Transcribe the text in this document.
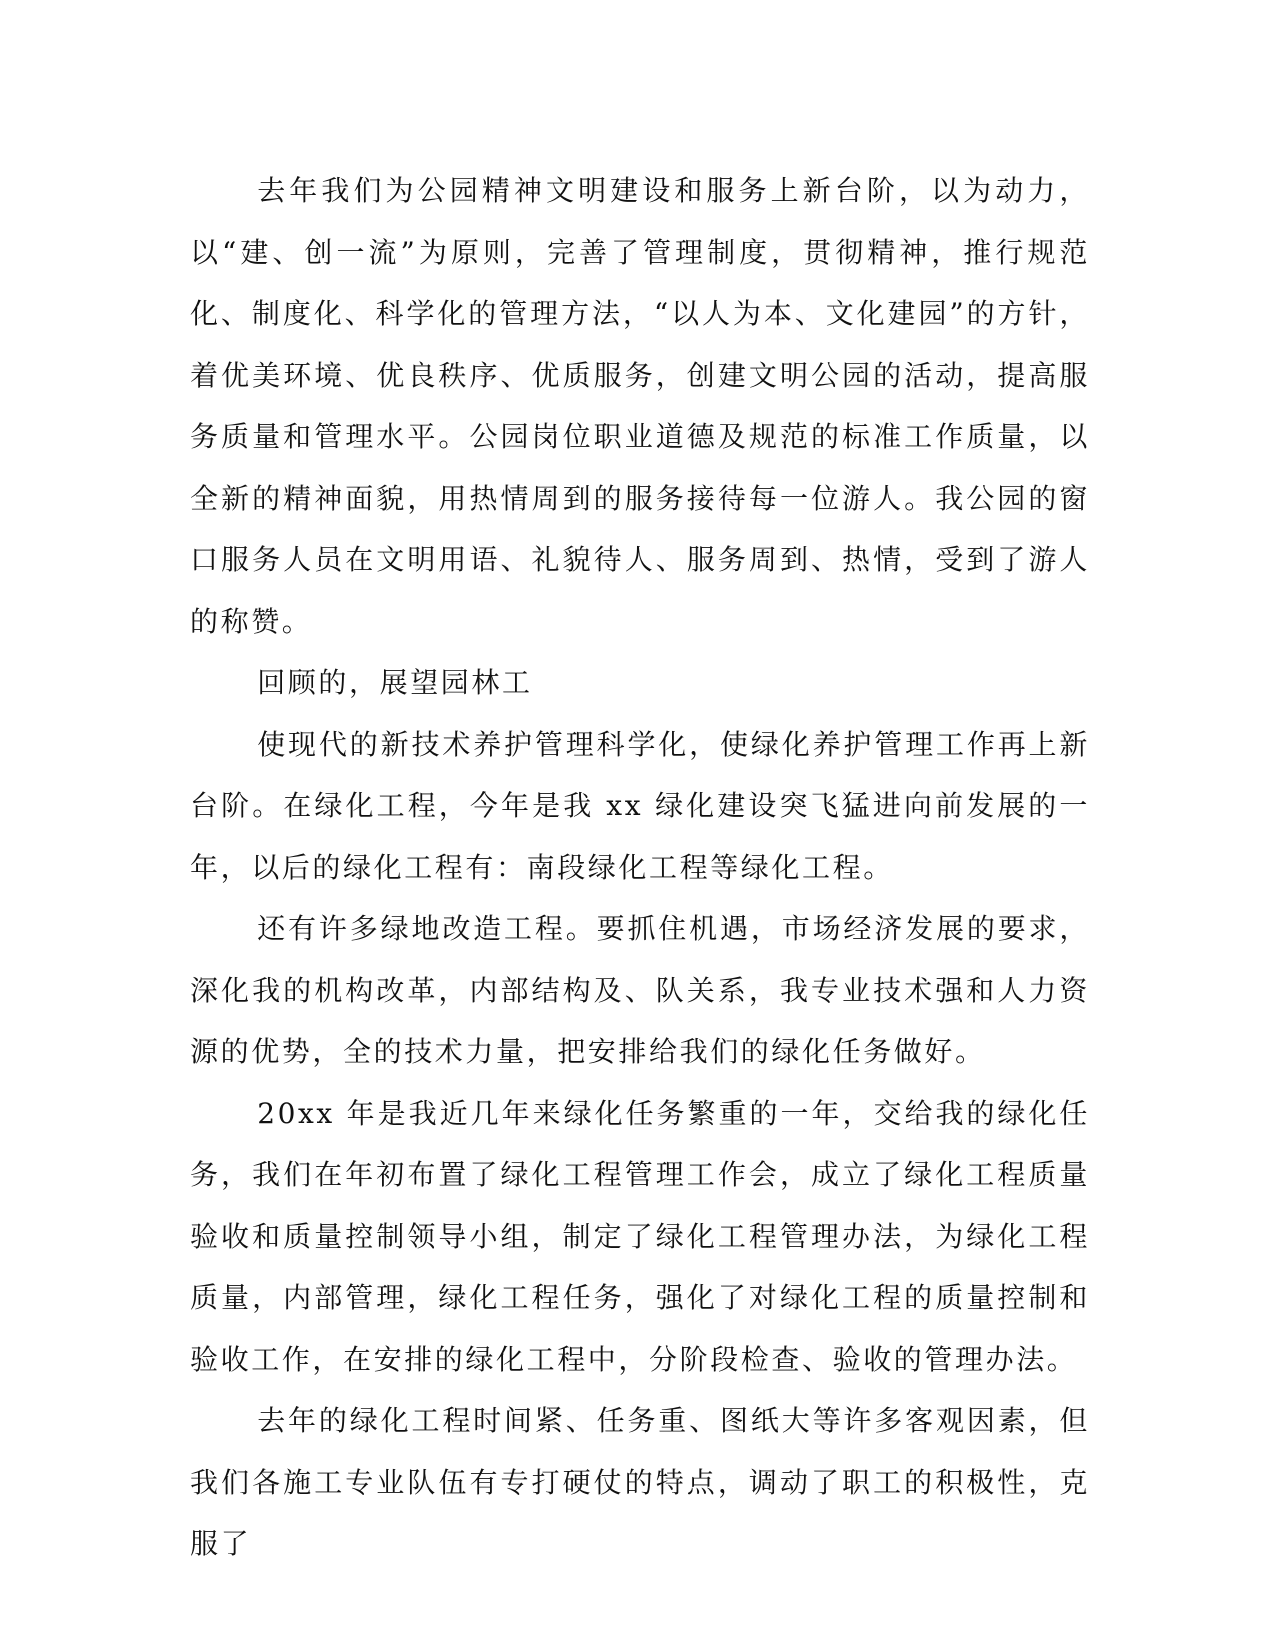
去年我们为公园精神文明建设和服务上新台阶，以为动力，以“建、创一流”为原则，完善了管理制度，贯彻精神，推行规范化、制度化、科学化的管理方法，“以人为本、文化建园”的方针，着优美环境、优良秩序、优质服务，创建文明公园的活动，提高服务质量和管理水平。公园岗位职业道德及规范的标准工作质量，以全新的精神面貌，用热情周到的服务接待每一位游人。我公园的窗口服务人员在文明用语、礼貌待人、服务周到、热情，受到了游人的称赞。

回顾的，展望园林工

使现代的新技术养护管理科学化，使绿化养护管理工作再上新台阶。在绿化工程，今年是我 xx 绿化建设突飞猛进向前发展的一年，以后的绿化工程有：南段绿化工程等绿化工程。

还有许多绿地改造工程。要抓住机遇，市场经济发展的要求，深化我的机构改革，内部结构及、队关系，我专业技术强和人力资源的优势，全的技术力量，把安排给我们的绿化任务做好。

20xx 年是我近几年来绿化任务繁重的一年，交给我的绿化任务，我们在年初布置了绿化工程管理工作会，成立了绿化工程质量验收和质量控制领导小组，制定了绿化工程管理办法，为绿化工程质量，内部管理，绿化工程任务，强化了对绿化工程的质量控制和验收工作，在安排的绿化工程中，分阶段检查、验收的管理办法。

去年的绿化工程时间紧、任务重、图纸大等许多客观因素，但我们各施工专业队伍有专打硬仗的特点，调动了职工的积极性，克服了
